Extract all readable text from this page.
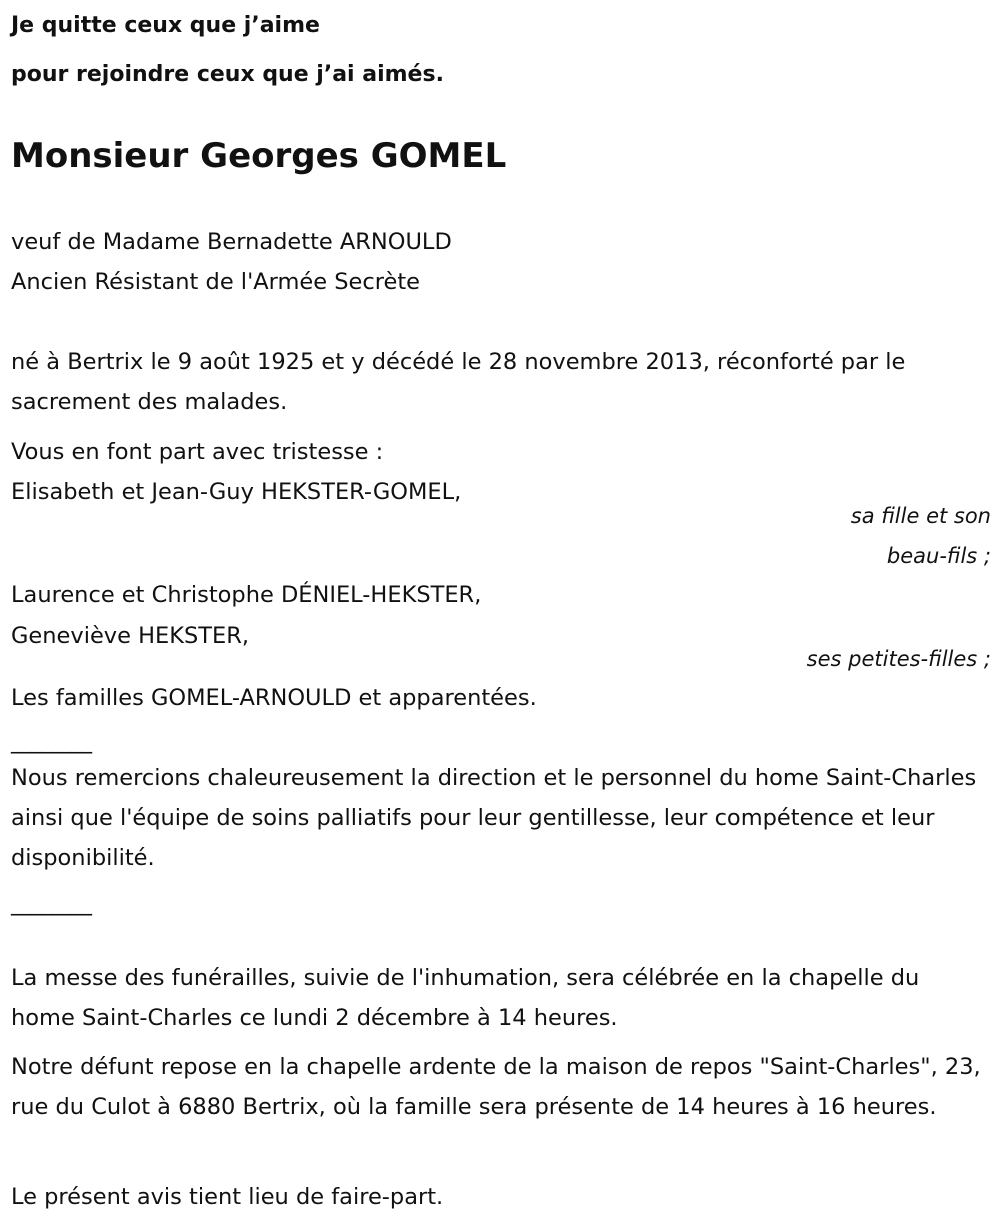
Je quitte ceux que j’aime

pour rejoindre ceux que j’ai aimés.

Monsieur Georges GOMEL

veuf de Madame Bernadette ARNOULD

Ancien Résistant de l'Armée Secrète

né à Bertrix le 9 août 1925 et y décédé le 28 novembre 2013, réconforté par le sacrement des malades.

Vous en font part avec tristesse :

Elisabeth et Jean-Guy HEKSTER-GOMEL,

sa fille et son

beau-fils ;

Laurence et Christophe DÉNIEL-HEKSTER,

Geneviève HEKSTER,

ses petites-filles ;

Les familles GOMEL-ARNOULD et apparentées.

________

Nous remercions chaleureusement la direction et le personnel du home Saint-Charles ainsi que l'équipe de soins palliatifs pour leur gentillesse, leur compétence et leur disponibilité.

________

La messe des funérailles, suivie de l'inhumation, sera célébrée en la chapelle du home Saint-Charles ce lundi 2 décembre à 14 heures.

Notre défunt repose en la chapelle ardente de la maison de repos "Saint-Charles", 23, rue du Culot à 6880 Bertrix, où la famille sera présente de 14 heures à 16 heures.

Le présent avis tient lieu de faire-part.
